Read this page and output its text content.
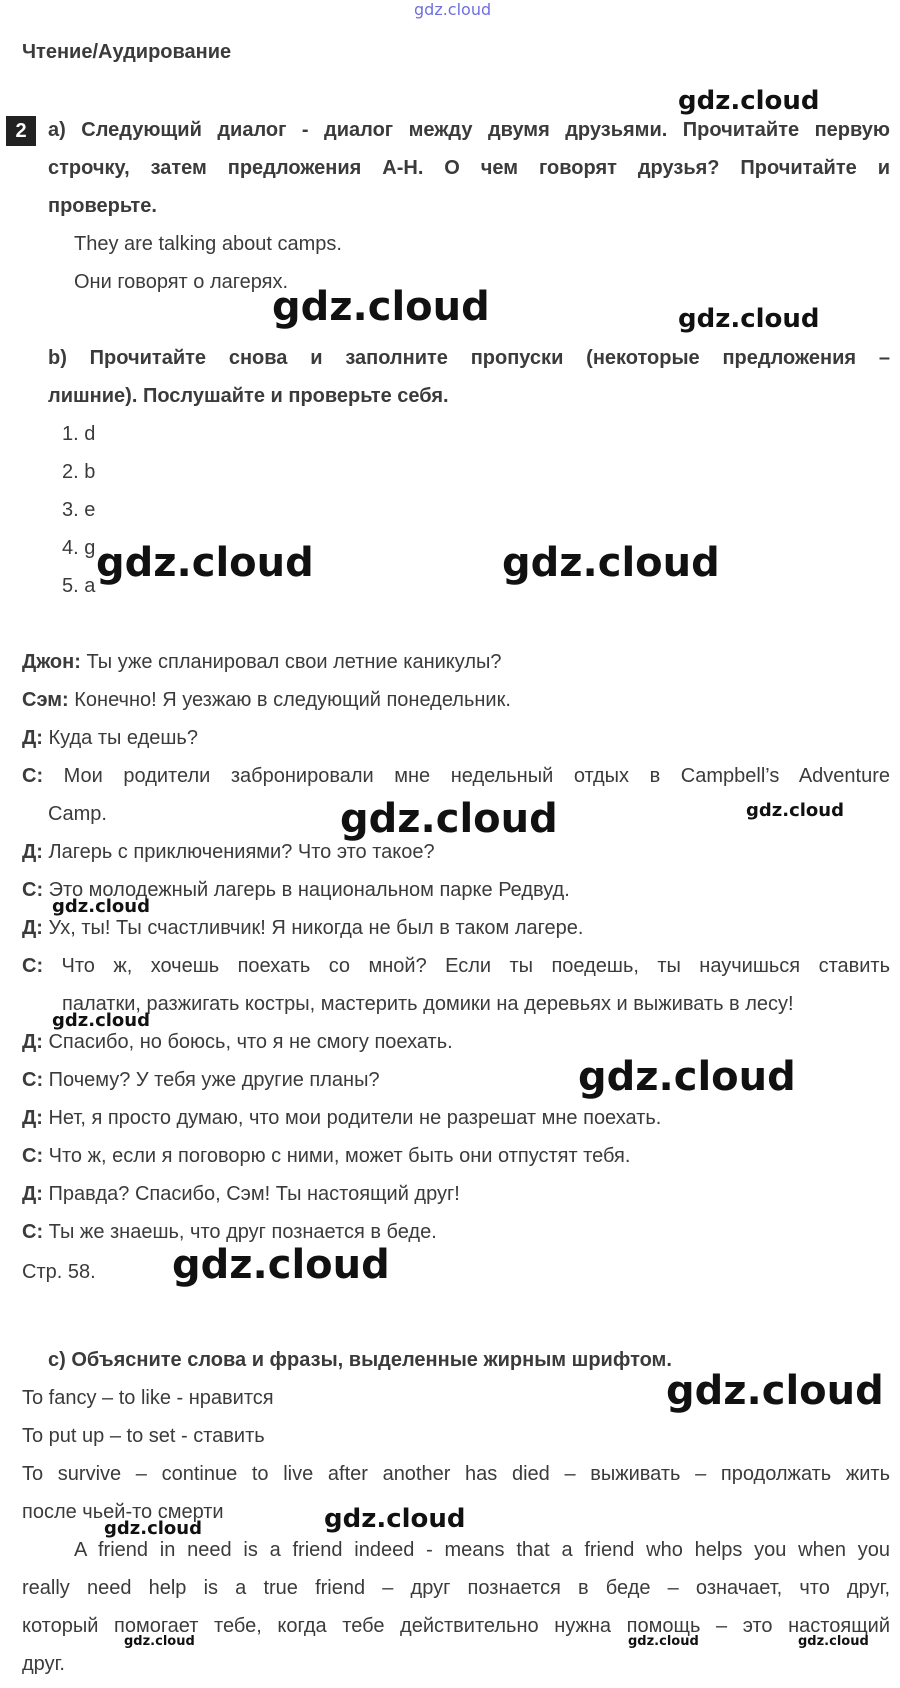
gdz.cloud
Чтение/Аудирование
2	a) Следующий диалог - диалог между двумя друзьями. Прочитайте первую
строчку, затем предложения A-H. О чем говорят друзья? Прочитайте и
проверьте.
They are talking about camps.
Они говорят о лагерях.
b) Прочитайте снова и заполните пропуски (некоторые предложения –
лишние). Послушайте и проверьте себя.
1. d
2. b
3. e
4. g
5. a
Джон: Ты уже спланировал свои летние каникулы?
Сэм: Конечно! Я уезжаю в следующий понедельник.
Д: Куда ты едешь?
С: Мои родители забронировали мне недельный отдых в Campbell’s Adventure
Camp.
Д: Лагерь с приключениями? Что это такое?
С: Это молодежный лагерь в национальном парке Редвуд.
Д: Ух, ты! Ты счастливчик! Я никогда не был в таком лагере.
С: Что ж, хочешь поехать со мной? Если ты поедешь, ты научишься ставить
палатки, разжигать костры, мастерить домики на деревьях и выживать в лесу!
Д: Спасибо, но боюсь, что я не смогу поехать.
С: Почему? У тебя уже другие планы?
Д: Нет, я просто думаю, что мои родители не разрешат мне поехать.
С: Что ж, если я поговорю с ними, может быть они отпустят тебя.
Д: Правда? Спасибо, Сэм! Ты настоящий друг!
С: Ты же знаешь, что друг познается в беде.
Стр. 58.
c) Объясните слова и фразы, выделенные жирным шрифтом.
To fancy – to like - нравится
To put up – to set - ставить
To survive – continue to live after another has died – выживать – продолжать жить
после чьей-то смерти
A friend in need is a friend indeed - means that a friend who helps you when you
really need help is a true friend – друг познается в беде – означает, что друг,
который помогает тебе, когда тебе действительно нужна помощь – это настоящий
друг.
gdz.cloud
gdz.cloud	gdz.cloud
gdz.cloud	gdz.cloud
gdz.cloud	gdz.cloud
gdz.cloud
gdz.cloud
gdz.cloud
gdz.cloud
gdz.cloud
gdz.cloud
gdz.cloud
gdz.cloud	gdz.cloud	gdz.cloud
